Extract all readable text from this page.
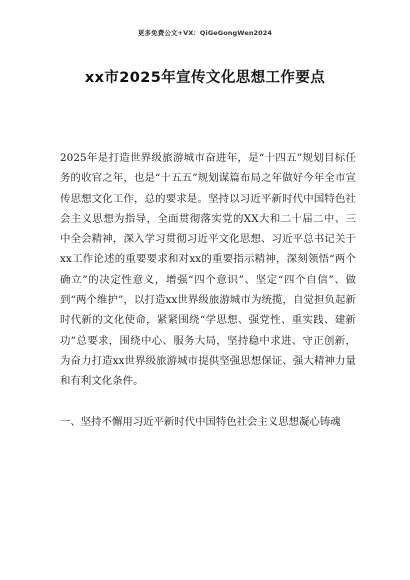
更多免费公文+VX：QiGeGongWen2024
xx市2025年宣传文化思想工作要点

2025年是打造世界级旅游城市奋进年，是“十四五”规划目标任务的收官之年，也是“十五五”规划谋篇布局之年做好今年全市宣传思想文化工作，总的要求是。坚持以习近平新时代中国特色社会主义思想为指导，全面贯彻落实党的XX大和二十届二中、三中全会精神，深入学习贯彻习近平文化思想、习近平总书记关于xx工作论述的重要要求和对xx的重要指示精神，深刻领悟“两个确立”的决定性意义，增强“四个意识”、坚定“四个自信”、做到“两个维护”，以打造xx世界级旅游城市为统揽，自觉担负起新时代新的文化使命，紧紧围绕“学思想、强党性、重实践、建新功”总要求，围绕中心、服务大局，坚持稳中求进、守正创新，为奋力打造xx世界级旅游城市提供坚强思想保证、强大精神力量和有利文化条件。

一、坚持不懈用习近平新时代中国特色社会主义思想凝心铸魂
